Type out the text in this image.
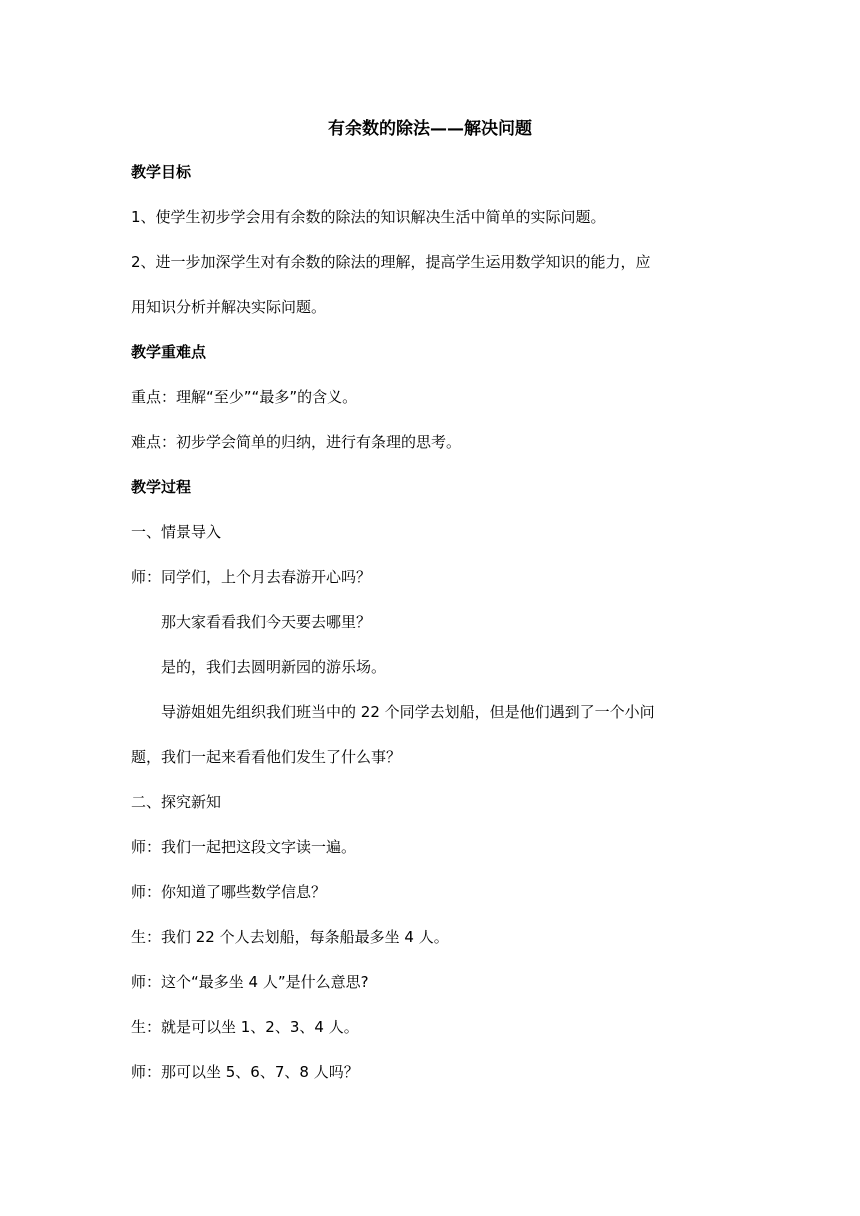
有余数的除法——解决问题
教学目标
1、使学生初步学会用有余数的除法的知识解决生活中简单的实际问题。
2、进一步加深学生对有余数的除法的理解，提高学生运用数学知识的能力，应
用知识分析并解决实际问题。
教学重难点
重点：理解“至少”“最多”的含义。
难点：初步学会简单的归纳，进行有条理的思考。
教学过程
一、情景导入
师：同学们，上个月去春游开心吗？
那大家看看我们今天要去哪里？
是的，我们去圆明新园的游乐场。
导游姐姐先组织我们班当中的 22 个同学去划船，但是他们遇到了一个小问
题，我们一起来看看他们发生了什么事？
二、探究新知
师：我们一起把这段文字读一遍。
师：你知道了哪些数学信息？
生：我们 22 个人去划船，每条船最多坐 4 人。
师：这个“最多坐 4 人”是什么意思?
生：就是可以坐 1、2、3、4 人。
师：那可以坐 5、6、7、8 人吗？
